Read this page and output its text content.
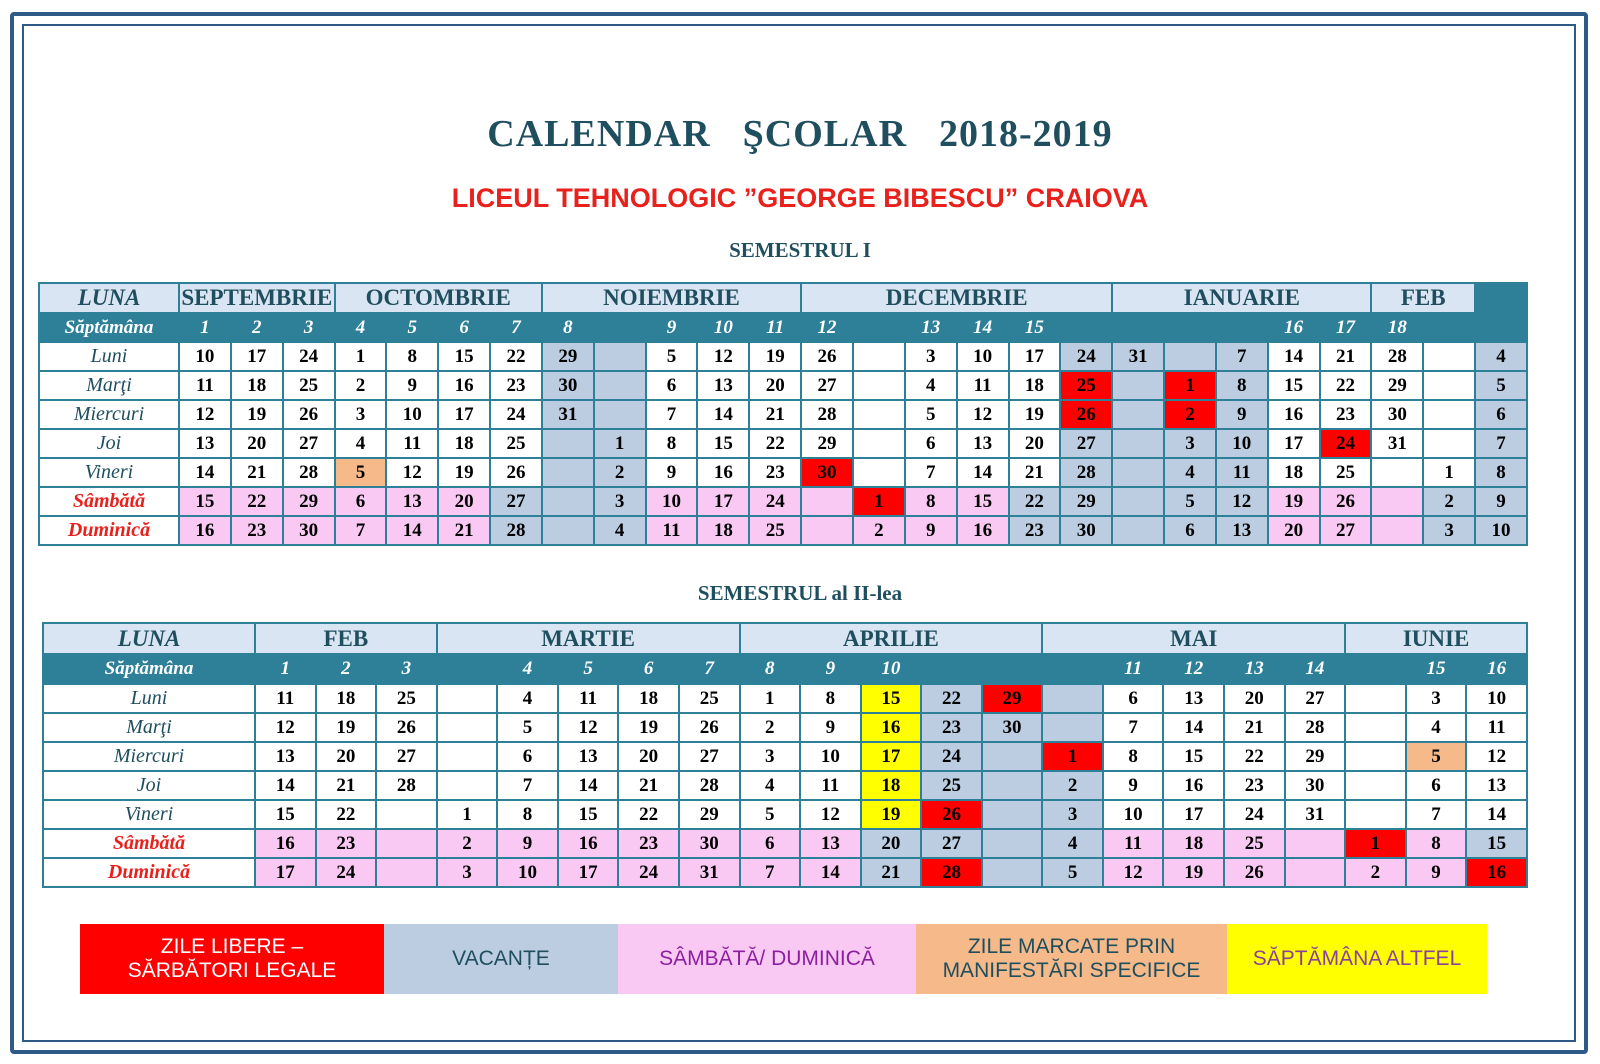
CALENDAR ŞCOLAR 2018-2019
LICEUL TEHNOLOGIC ”GEORGE BIBESCU” CRAIOVA
SEMESTRUL I
LUNA	SEPTEMBRIE			OCTOMBRIE				NOIEMBRIE					DECEMBRIE						IANUARIE					FEB		
Săptămâna	1	2	3	4	5	6	7	8		9	10	11	12		13	14	15					16	17	18		
Luni	10	17	24	1	8	15	22	29		5	12	19	26		3	10	17	24	31		7	14	21	28		4
Marţi	11	18	25	2	9	16	23	30		6	13	20	27		4	11	18	25		1	8	15	22	29		5
Miercuri	12	19	26	3	10	17	24	31		7	14	21	28		5	12	19	26		2	9	16	23	30		6
Joi	13	20	27	4	11	18	25		1	8	15	22	29		6	13	20	27		3	10	17	24	31		7
Vineri	14	21	28	5	12	19	26		2	9	16	23	30		7	14	21	28		4	11	18	25		1	8
Sâmbătă	15	22	29	6	13	20	27		3	10	17	24		1	8	15	22	29		5	12	19	26		2	9
Duminică	16	23	30	7	14	21	28		4	11	18	25		2	9	16	23	30		6	13	20	27		3	10
SEMESTRUL al II-lea
LUNA	FEB			MARTIE					APRILIE					MAI					IUNIE		
Săptămâna	1	2	3		4	5	6	7	8	9	10				11	12	13	14		15	16
Luni	11	18	25		4	11	18	25	1	8	15	22	29		6	13	20	27		3	10
Marţi	12	19	26		5	12	19	26	2	9	16	23	30		7	14	21	28		4	11
Miercuri	13	20	27		6	13	20	27	3	10	17	24		1	8	15	22	29		5	12
Joi	14	21	28		7	14	21	28	4	11	18	25		2	9	16	23	30		6	13
Vineri	15	22		1	8	15	22	29	5	12	19	26		3	10	17	24	31		7	14
Sâmbătă	16	23		2	9	16	23	30	6	13	20	27		4	11	18	25		1	8	15
Duminică	17	24		3	10	17	24	31	7	14	21	28		5	12	19	26		2	9	16
ZILE LIBERE –
SĂRBĂTORI LEGALE
VACANȚE	SÂMBĂTĂ/ DUMINICĂ
ZILE MARCATE PRIN
MANIFESTĂRI SPECIFICE
SĂPTĂMÂNA ALTFEL
